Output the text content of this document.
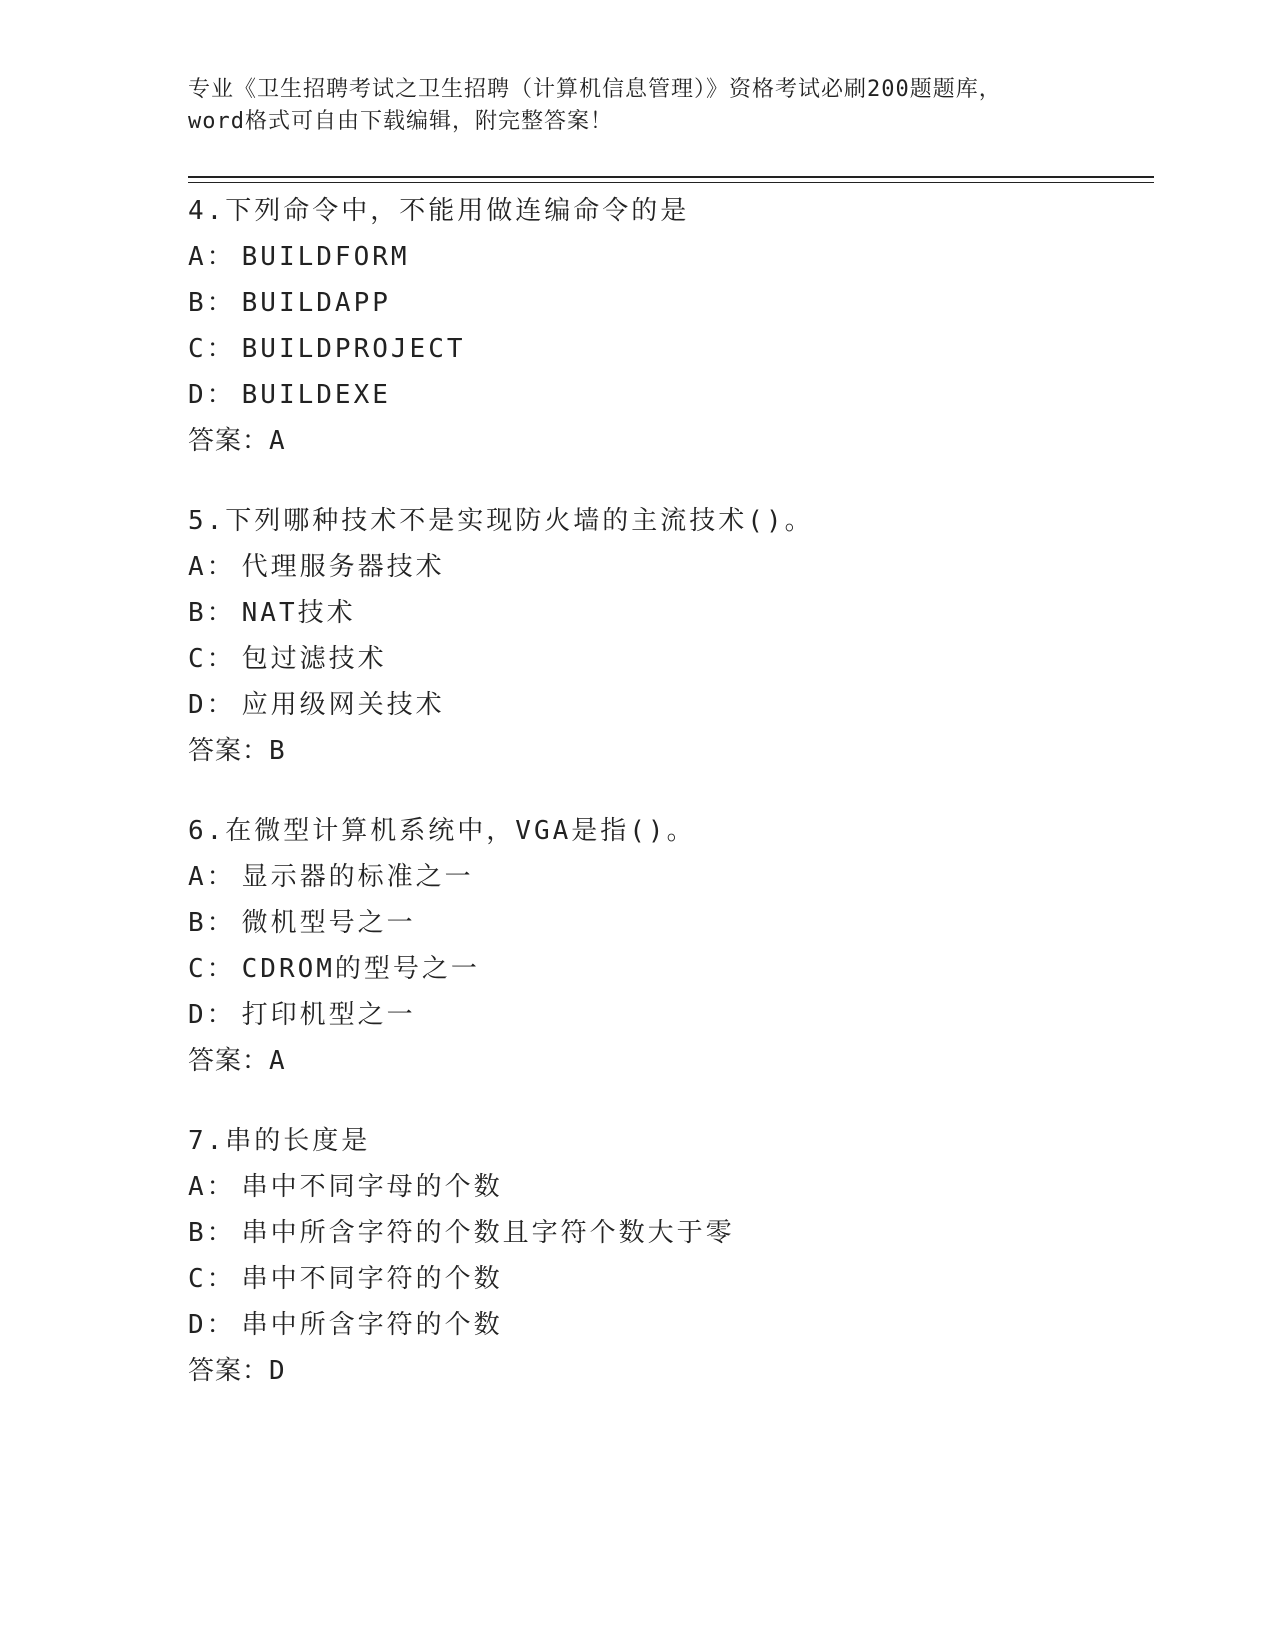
专业《卫生招聘考试之卫生招聘（计算机信息管理）》资格考试必刷200题题库，
word格式可自由下载编辑，附完整答案！
4.下列命令中，不能用做连编命令的是
A： BUILDFORM
B： BUILDAPP
C： BUILDPROJECT
D： BUILDEXE
答案：A
5.下列哪种技术不是实现防火墙的主流技术()。
A： 代理服务器技术
B： NAT技术
C： 包过滤技术
D： 应用级网关技术
答案：B
6.在微型计算机系统中，VGA是指()。
A： 显示器的标准之一
B： 微机型号之一
C： CDROM的型号之一
D： 打印机型之一
答案：A
7.串的长度是
A： 串中不同字母的个数
B： 串中所含字符的个数且字符个数大于零
C： 串中不同字符的个数
D： 串中所含字符的个数
答案：D
